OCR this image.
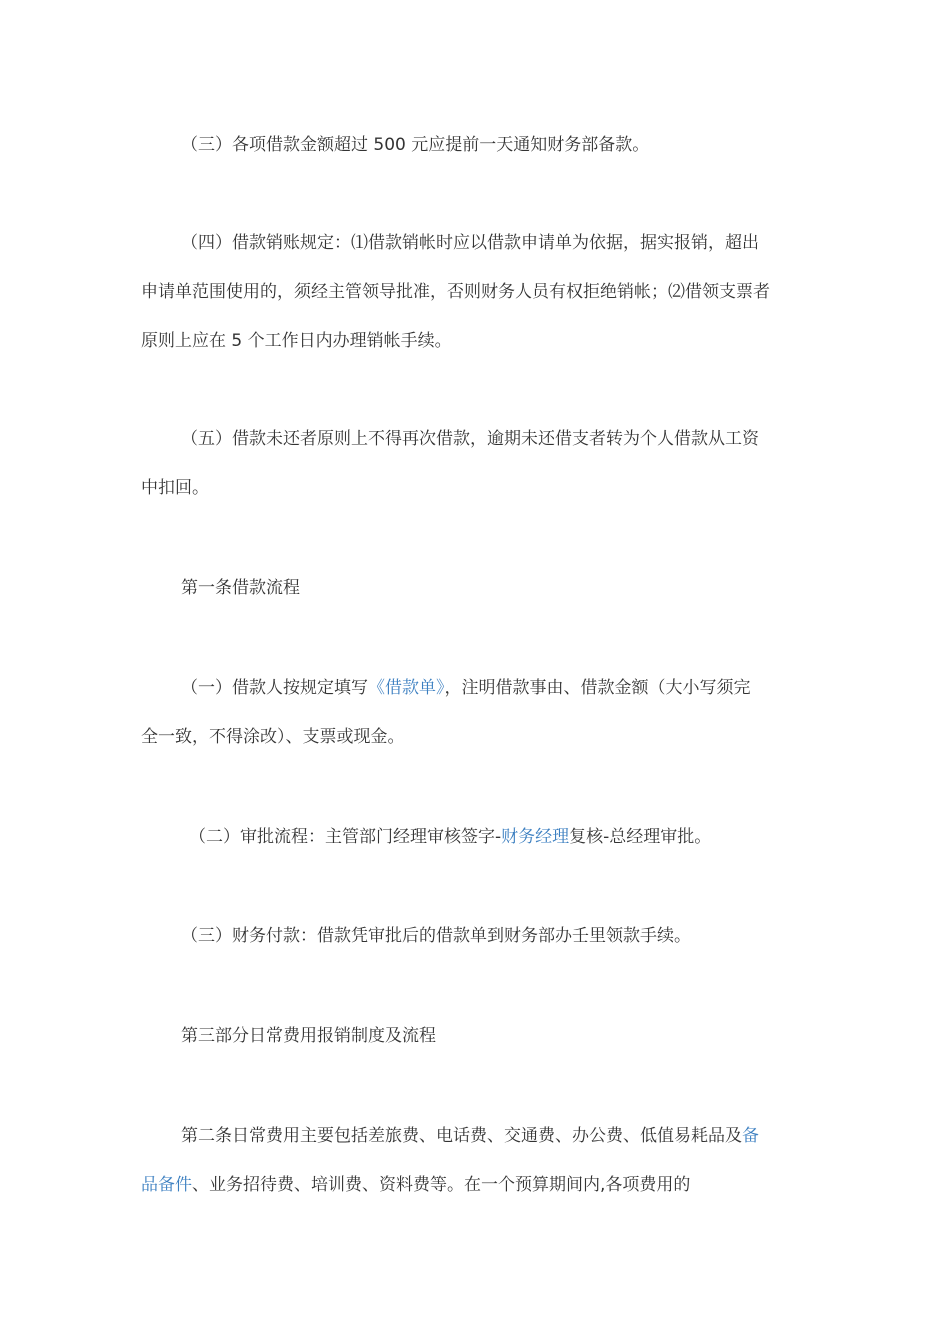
（三）各项借款金额超过 500 元应提前一天通知财务部备款。

（四）借款销账规定：⑴借款销帐时应以借款申请单为依据，据实报销，超出
申请单范围使用的，须经主管领导批准，否则财务人员有权拒绝销帐；⑵借领支票者
原则上应在 5 个工作日内办理销帐手续。

（五）借款未还者原则上不得再次借款，逾期未还借支者转为个人借款从工资
中扣回。

第一条借款流程

（一）借款人按规定填写《借款单》，注明借款事由、借款金额（大小写须完
全一致，不得涂改）、支票或现金。

（二）审批流程：主管部门经理审核签字-财务经理复核-总经理审批。

（三）财务付款：借款凭审批后的借款单到财务部办壬里领款手续。

第三部分日常费用报销制度及流程

第二条日常费用主要包括差旅费、电话费、交通费、办公费、低值易耗品及备
品备件、业务招待费、培训费、资料费等。在一个预算期间内,各项费用的
